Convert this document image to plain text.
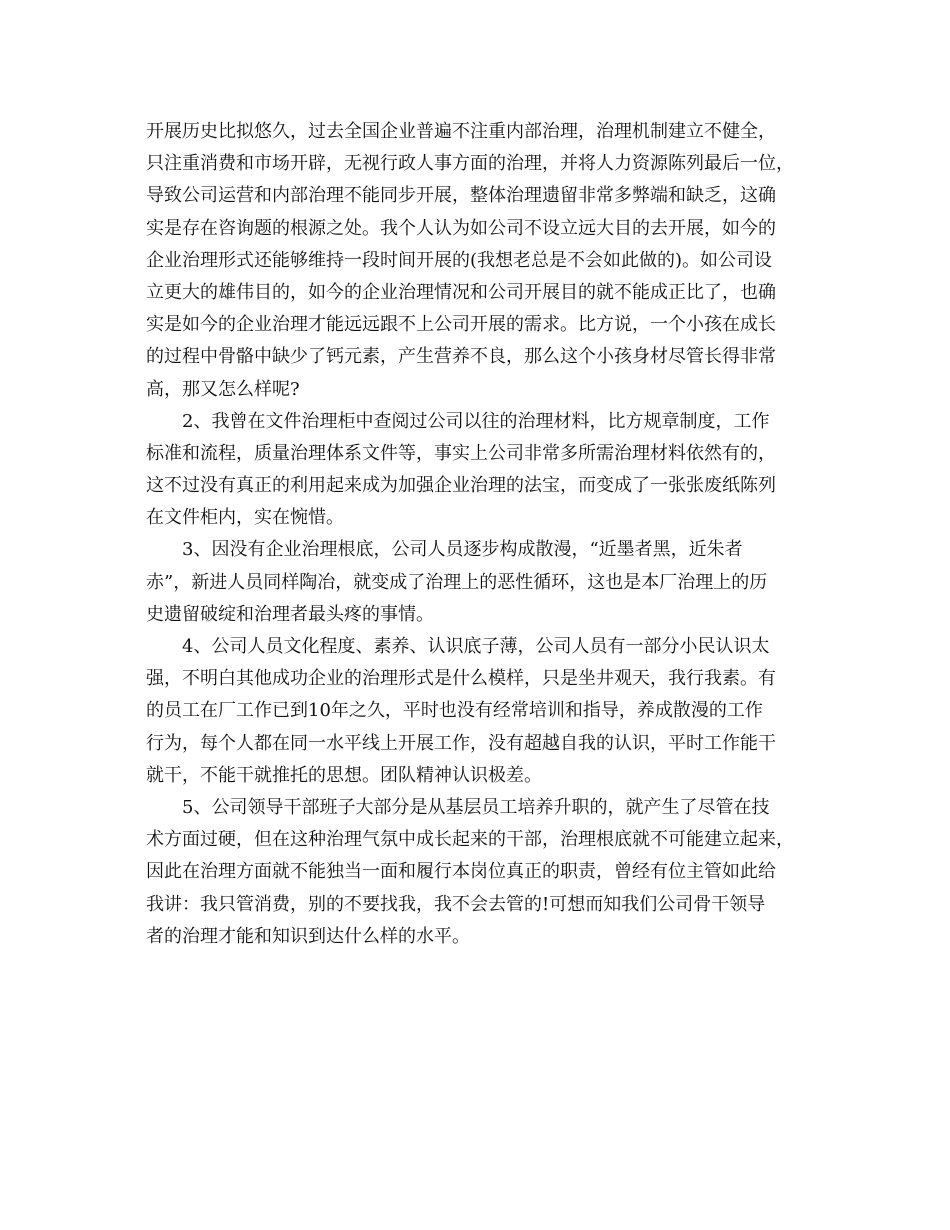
开展历史比拟悠久，过去全国企业普遍不注重内部治理，治理机制建立不健全，
只注重消费和市场开辟，无视行政人事方面的治理，并将人力资源陈列最后一位，
导致公司运营和内部治理不能同步开展，整体治理遗留非常多弊端和缺乏，这确
实是存在咨询题的根源之处。我个人认为如公司不设立远大目的去开展，如今的
企业治理形式还能够维持一段时间开展的(我想老总是不会如此做的)。如公司设
立更大的雄伟目的，如今的企业治理情况和公司开展目的就不能成正比了，也确
实是如今的企业治理才能远远跟不上公司开展的需求。比方说，一个小孩在成长
的过程中骨骼中缺少了钙元素，产生营养不良，那么这个小孩身材尽管长得非常
高，那又怎么样呢?
2、我曾在文件治理柜中查阅过公司以往的治理材料，比方规章制度，工作
标准和流程，质量治理体系文件等，事实上公司非常多所需治理材料依然有的，
这不过没有真正的利用起来成为加强企业治理的法宝，而变成了一张张废纸陈列
在文件柜内，实在惋惜。
3、因没有企业治理根底，公司人员逐步构成散漫，“近墨者黑，近朱者
赤”，新进人员同样陶冶，就变成了治理上的恶性循环，这也是本厂治理上的历
史遗留破绽和治理者最头疼的事情。
4、公司人员文化程度、素养、认识底子薄，公司人员有一部分小民认识太
强，不明白其他成功企业的治理形式是什么模样，只是坐井观天，我行我素。有
的员工在厂工作已到10年之久，平时也没有经常培训和指导，养成散漫的工作
行为，每个人都在同一水平线上开展工作，没有超越自我的认识，平时工作能干
就干，不能干就推托的思想。团队精神认识极差。
5、公司领导干部班子大部分是从基层员工培养升职的，就产生了尽管在技
术方面过硬，但在这种治理气氛中成长起来的干部，治理根底就不可能建立起来，
因此在治理方面就不能独当一面和履行本岗位真正的职责，曾经有位主管如此给
我讲：我只管消费，别的不要找我，我不会去管的!可想而知我们公司骨干领导
者的治理才能和知识到达什么样的水平。
